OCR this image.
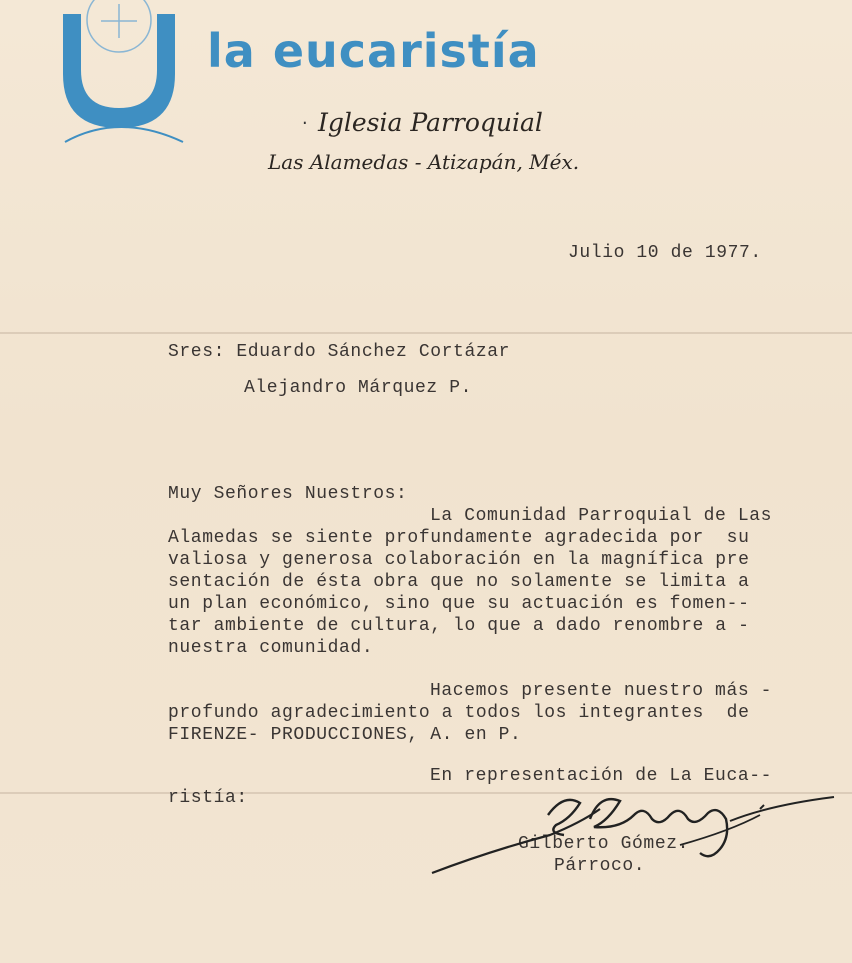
la eucaristía
· Iglesia Parroquial
Las Alamedas - Atizapán, Méx.
Julio 10 de 1977.
Sres: Eduardo Sánchez Cortázar
Alejandro Márquez P.
Muy Señores Nuestros:
La Comunidad Parroquial de Las
Alamedas se siente profundamente agradecida por  su
valiosa y generosa colaboración en la magnífica pre
sentación de ésta obra que no solamente se limita a
un plan económico, sino que su actuación es fomen--
tar ambiente de cultura, lo que a dado renombre a -
nuestra comunidad.
Hacemos presente nuestro más -
profundo agradecimiento a todos los integrantes  de
FIRENZE- PRODUCCIONES, A. en P.
En representación de La Euca--
ristía:
Gilberto Gómez.
Párroco.
